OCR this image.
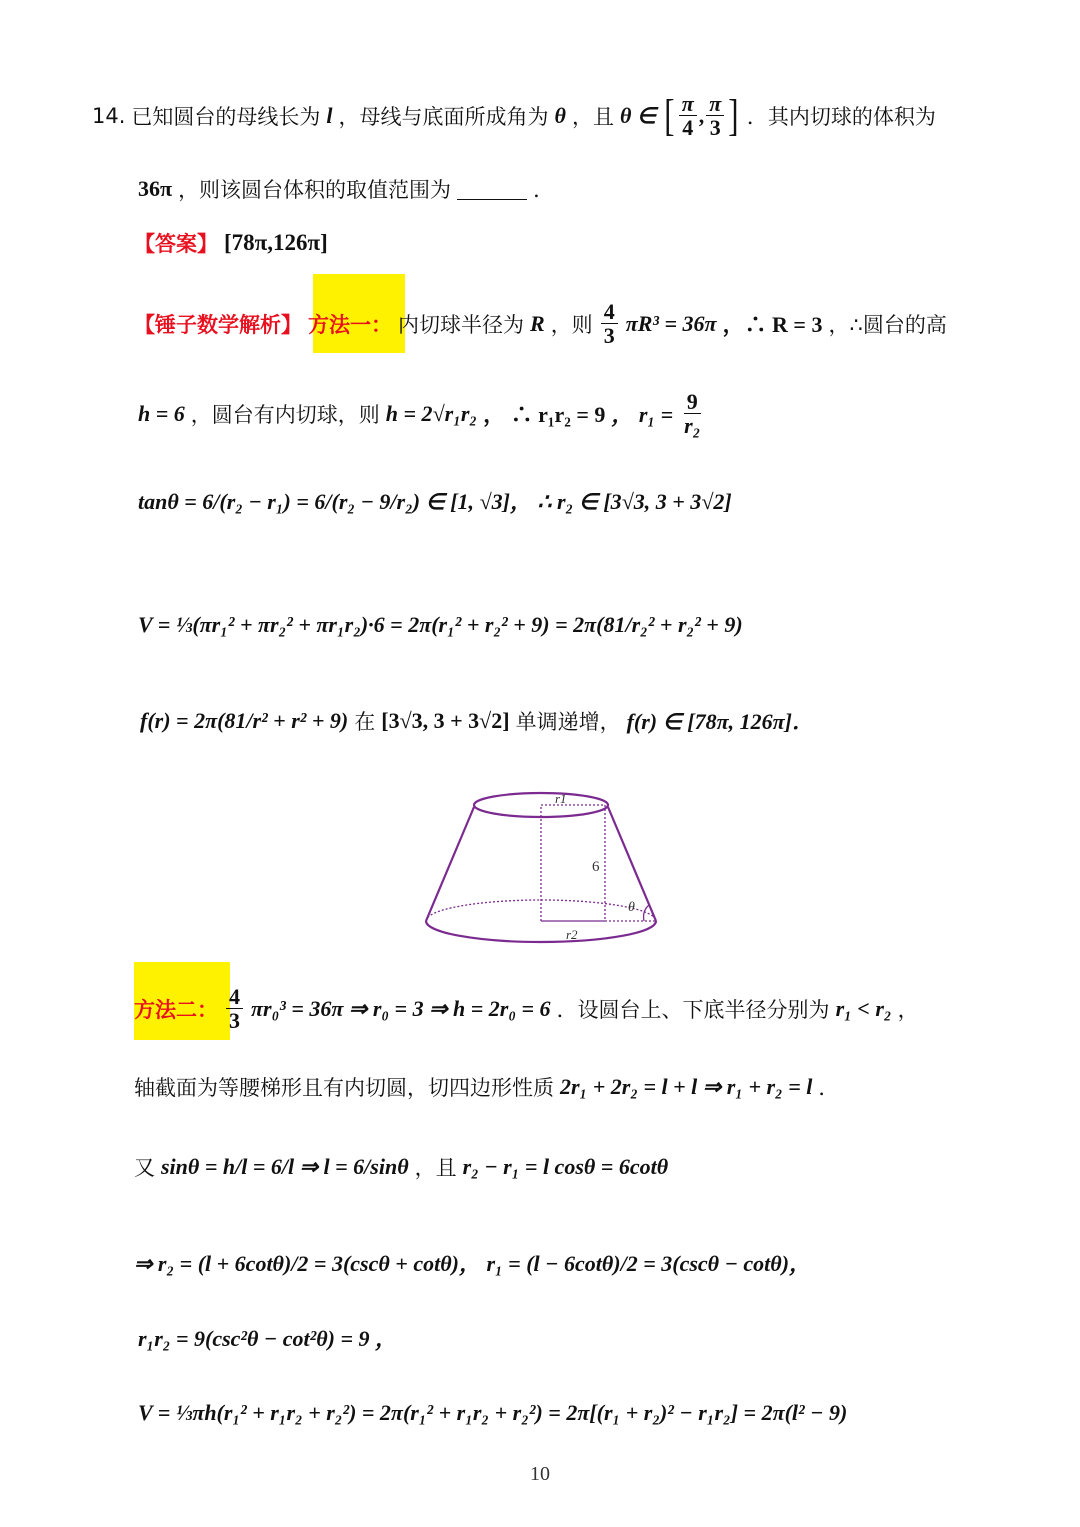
14. 已知圆台的母线长为 l ，母线与底面所成角为 θ ，且 θ ∈ [ $\frac{\pi}{4}$ , $\frac{\pi}{3}$ ] ．其内切球的体积为
36π ，则该圆台体积的取值范围为	．
【答案】 [78π,126π]
【锤子数学解析】 方法一： 内切球半径为 R ，则 $\frac{4}{3} \pi R^3 = 36\pi$ ，∴ R = 3 ，∴圆台的高
h = 6 ，圆台有内切球，则 h = 2√r₁r₂ ， ∴ r₁r₂ = 9 ， $r_1 = \frac{9}{\text{r₂}}$
tanθ = 6/(r₂ − r₁) = 6/(r₂ − 9/r₂) ∈ [1, √3]， ∴ r₂ ∈ [3√3, 3 + 3√2]
V = ⅓(πr₁² + πr₂² + πr₁r₂)·6 = 2π(r₁² + r₂² + 9) = 2π(81/r₂² + r₂² + 9)
f(r) = 2π(81/r² + r² + 9) 在 [3√3, 3 + 3√2] 单调递增， f(r) ∈ [78π, 126π]．
r1
6
θ
r2
方法二： $\frac{4}{3} \pi r_0^3 = 36\pi$ ⇒ r₀ = 3 ⇒ h = 2r₀ = 6 ．设圆台上、下底半径分别为 r₁ < r₂ ，
轴截面为等腰梯形且有内切圆，切四边形性质 2r₁ + 2r₂ = l + l ⇒ r₁ + r₂ = l ．
又 sinθ = h/l = 6/l ⇒ l = 6/sinθ ，且 r₂ − r₁ = l cosθ = 6cotθ
⇒ r₂ = (l + 6cotθ)/2 = 3(cscθ + cotθ)， r₁ = (l − 6cotθ)/2 = 3(cscθ − cotθ)，
r₁r₂ = 9(csc²θ − cot²θ) = 9 ，
V = ⅓πh(r₁² + r₁r₂ + r₂²) = 2π(r₁² + r₁r₂ + r₂²) = 2π[(r₁ + r₂)² − r₁r₂] = 2π(l² − 9)
10
